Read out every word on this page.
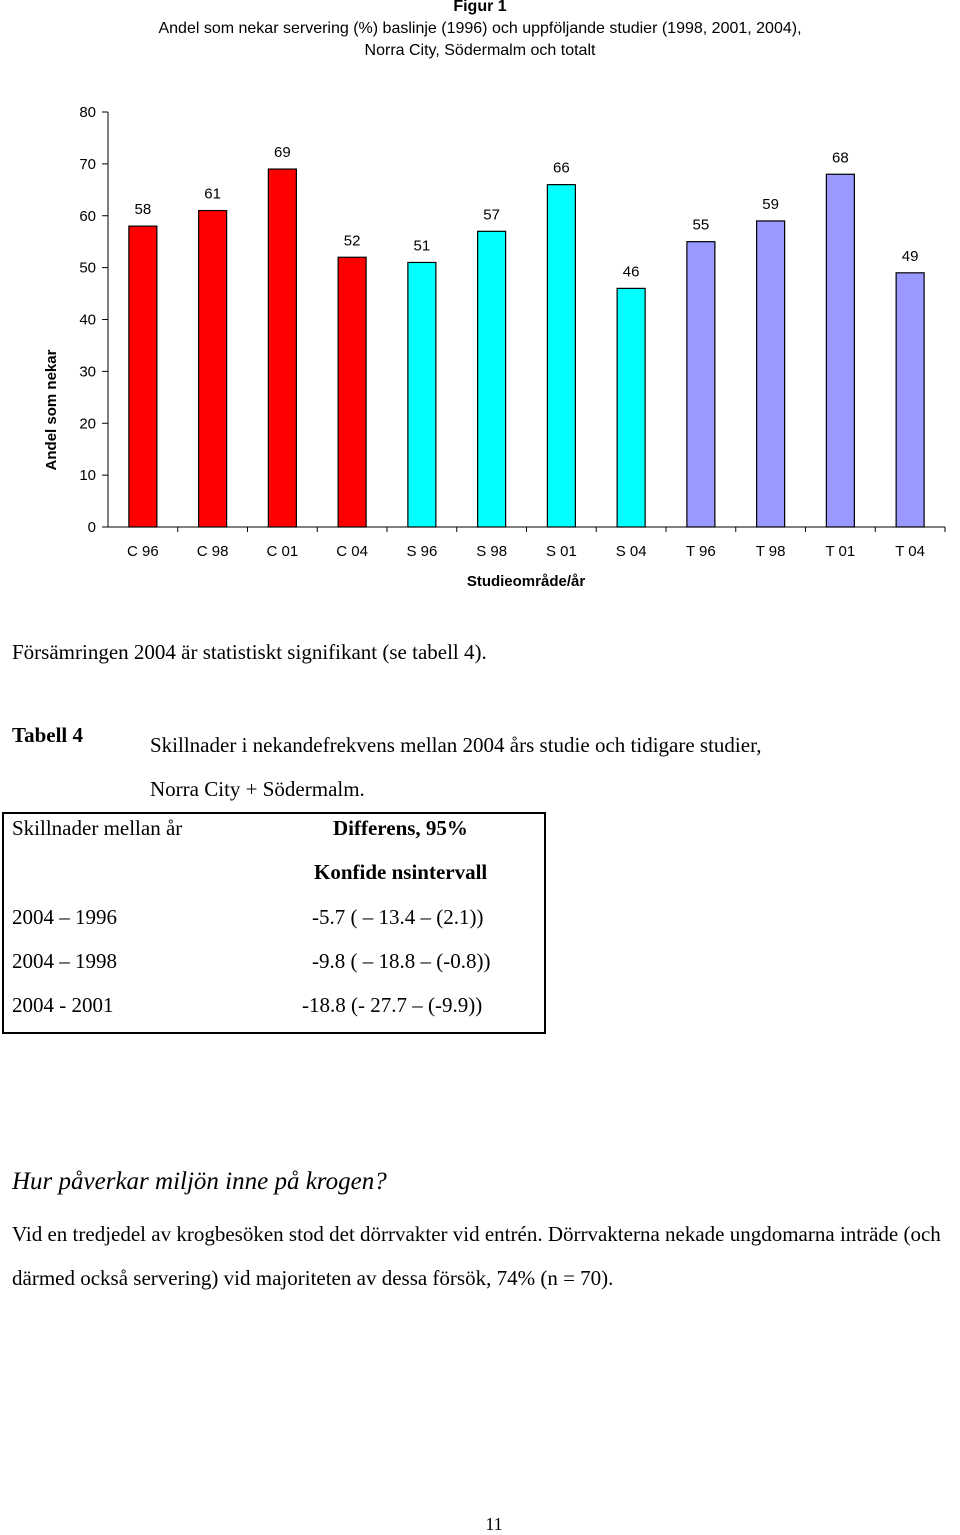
Figur 1
Andel som nekar servering (%) baslinje (1996) och uppföljande studier (1998, 2001, 2004),
Norra City, Södermalm och totalt
0
10
20
30
40
50
60
70
80
C 96	C 98	C 01	C 04	S 96	S 98	S 01	S 04	T 96	T 98	T 01	T 04
58
61
69
52	51
57
66
46
55
59
68
49
Andel som nekar
Studieområde/år
Försämringen 2004 är statistiskt signifikant (se tabell 4).
Tabell 4	Skillnader i nekandefrekvens mellan 2004 års studie och tidigare studier,
Norra City + Södermalm.
Skillnader mellan år	Differens, 95%
Konfide nsintervall
2004 – 1996	-5.7 ( – 13.4 – (2.1))
2004 – 1998	-9.8 ( – 18.8 – (-0.8))
2004 - 2001	-18.8 (- 27.7 – (-9.9))
Hur påverkar miljön inne på krogen?
Vid en tredjedel av krogbesöken stod det dörrvakter vid entrén. Dörrvakterna nekade ungdomarna inträde (och därmed också servering) vid majoriteten av dessa försök, 74% (n = 70).
11
